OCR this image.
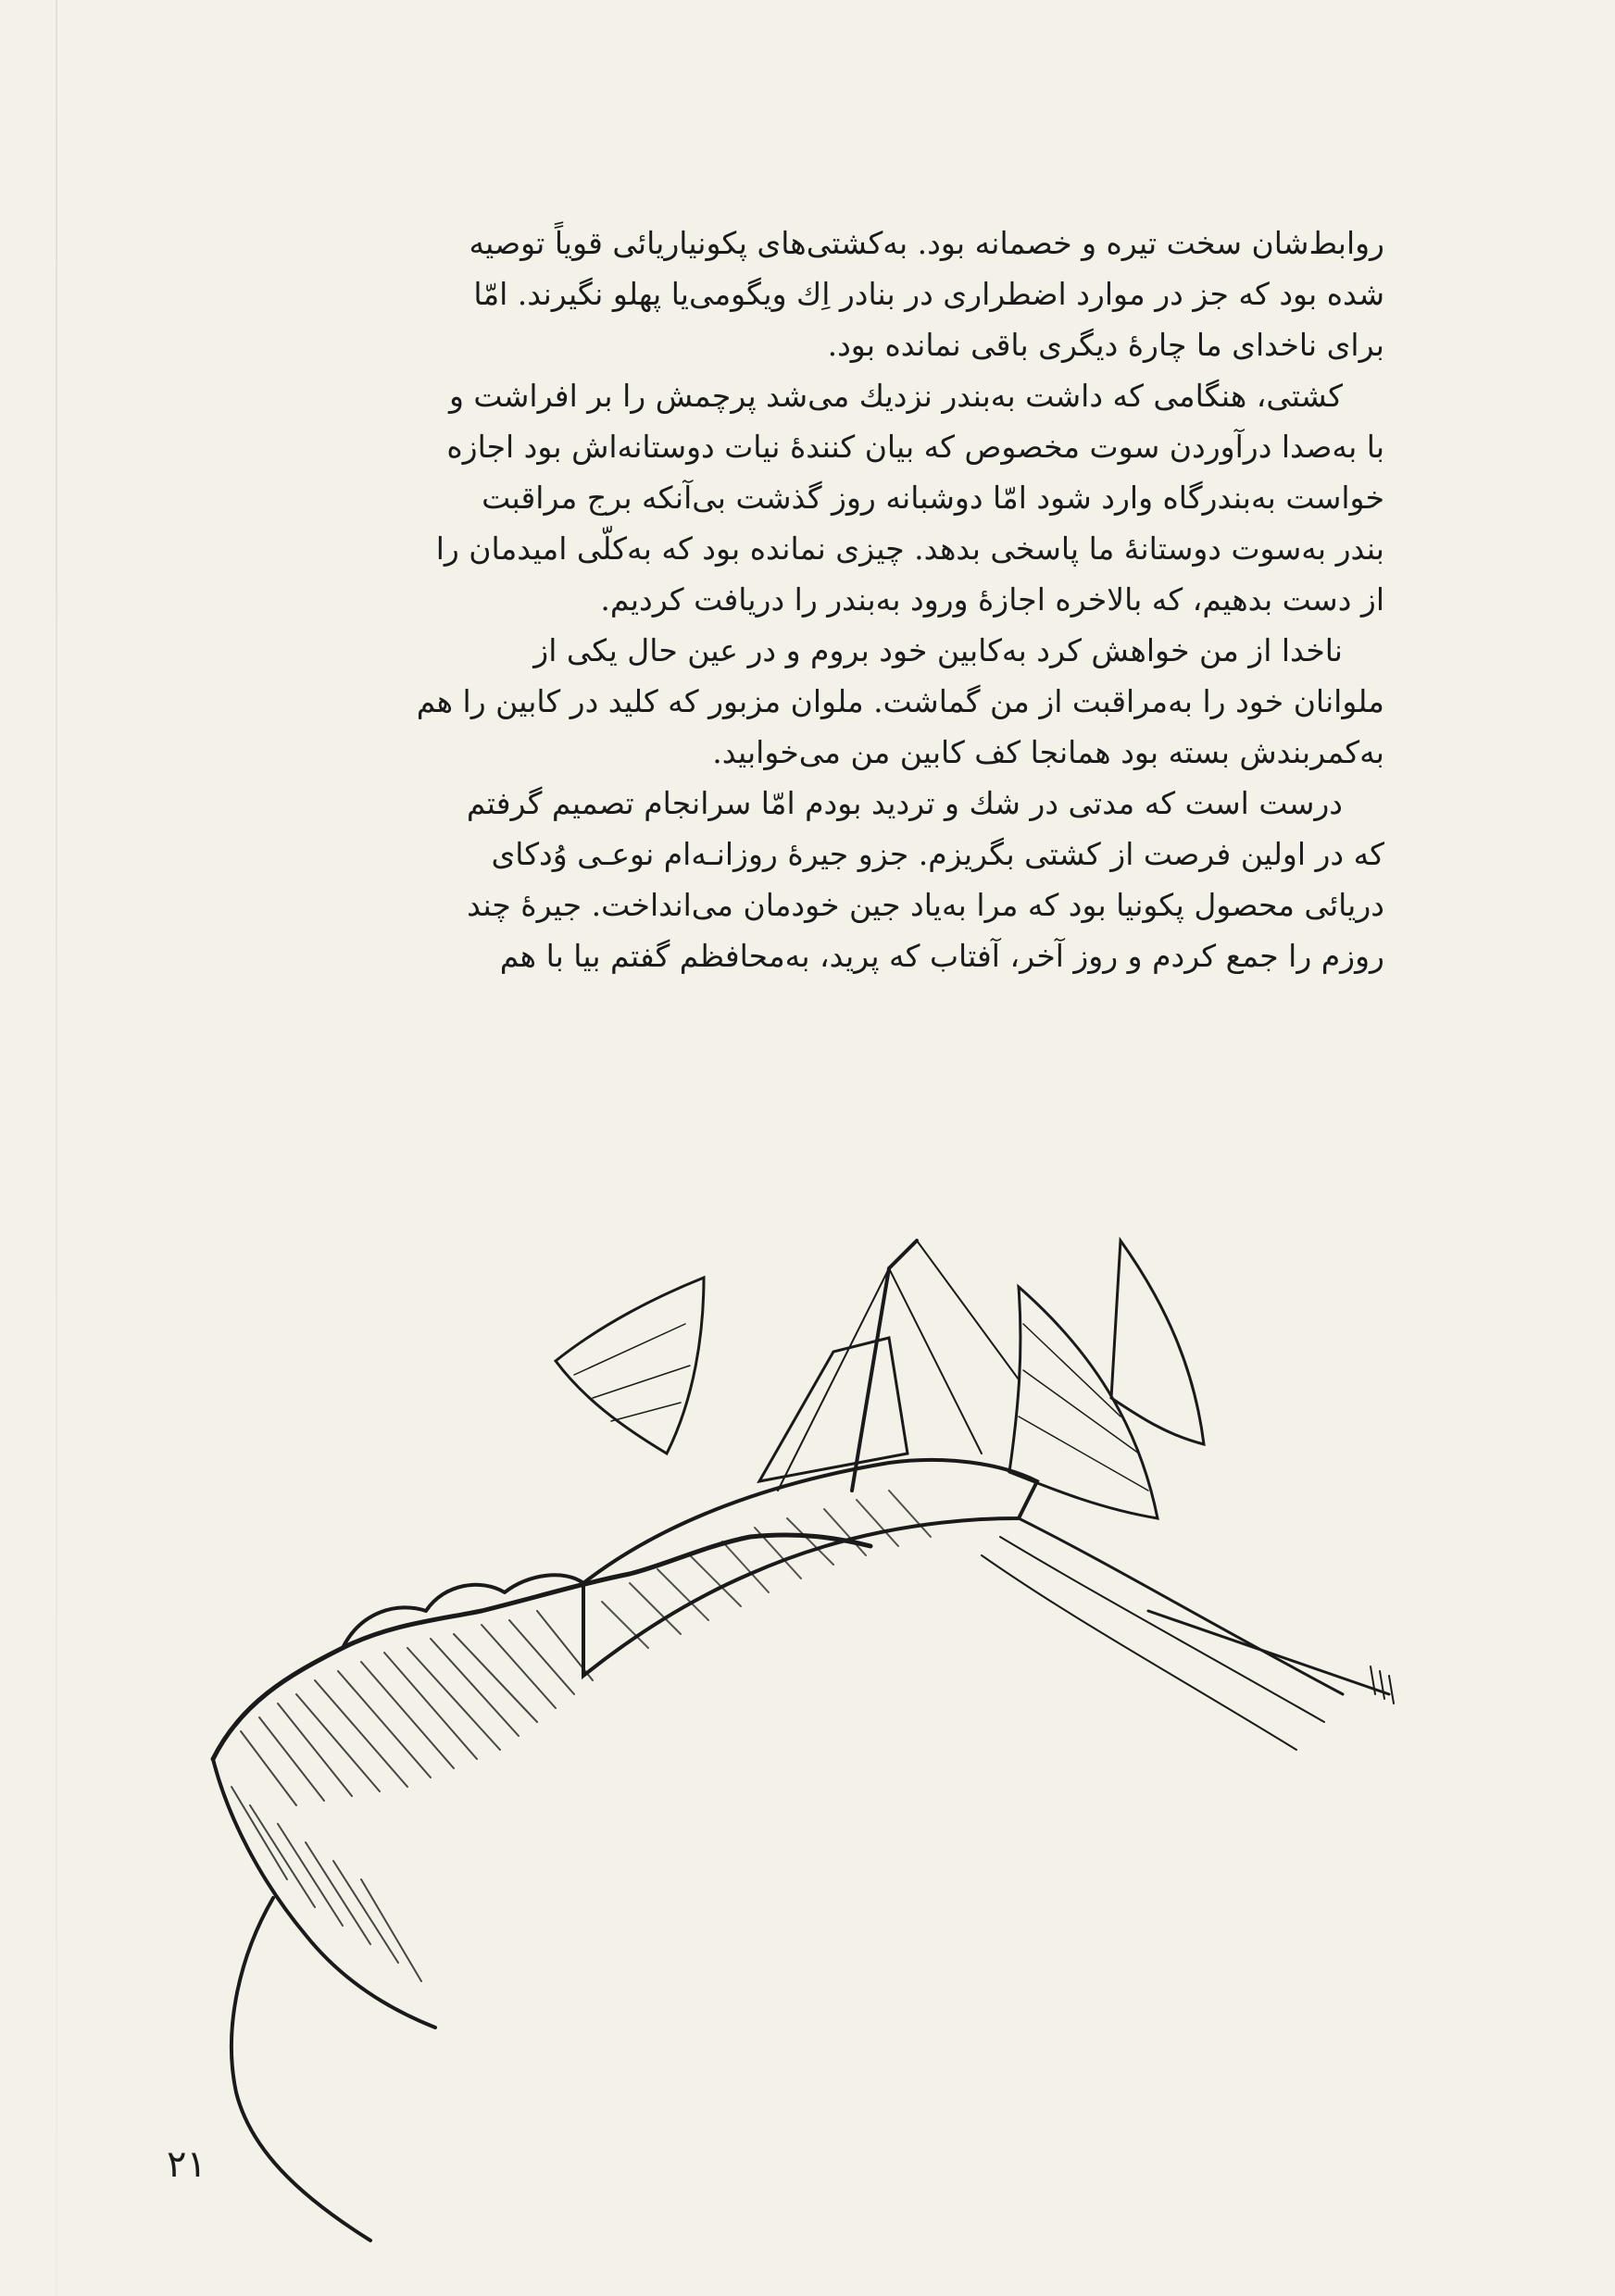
روابط‌شان سخت تیره و خصمانه بود. به‌کشتی‌های پکونیاریائی قویاً توصیه
شده بود که جز در موارد اضطراری در بنادر اِك ویگومی‌یا پهلو نگیرند. امّا
برای ناخدای ما چارهٔ دیگری باقی نمانده بود.

کشتی، هنگامی که داشت به‌بندر نزدیك می‌شد پرچمش را بر افراشت و
با به‌صدا درآوردن سوت مخصوص که بیان کنندهٔ نیات دوستانه‌اش بود اجازه
خواست به‌بندرگاه وارد شود امّا دوشبانه روز گذشت بی‌آنکه برج مراقبت
بندر به‌سوت دوستانهٔ ما پاسخی بدهد. چیزی نمانده بود که به‌کلّی امیدمان را
از دست بدهیم، که بالاخره اجازهٔ ورود به‌بندر را دریافت کردیم.

ناخدا از من خواهش کرد به‌کابین خود بروم و در عین حال یکی از
ملوانان خود را به‌مراقبت از من گماشت. ملوان مزبور که کلید در کابین را هم
به‌کمربندش بسته بود همانجا کف کابین من می‌خوابید.

درست است که مدتی در شك و تردید بودم امّا سرانجام تصمیم گرفتم
که در اولین فرصت از کشتی بگریزم. جزو جیرهٔ روزانـه‌ام نوعـی وُدکای
دریائی محصول پکونیا بود که مرا به‌یاد جین خودمان می‌انداخت. جیرهٔ چند
روزم را جمع کردم و روز آخر، آفتاب که پرید، به‌محافظم گفتم بیا با هم

۲۱
